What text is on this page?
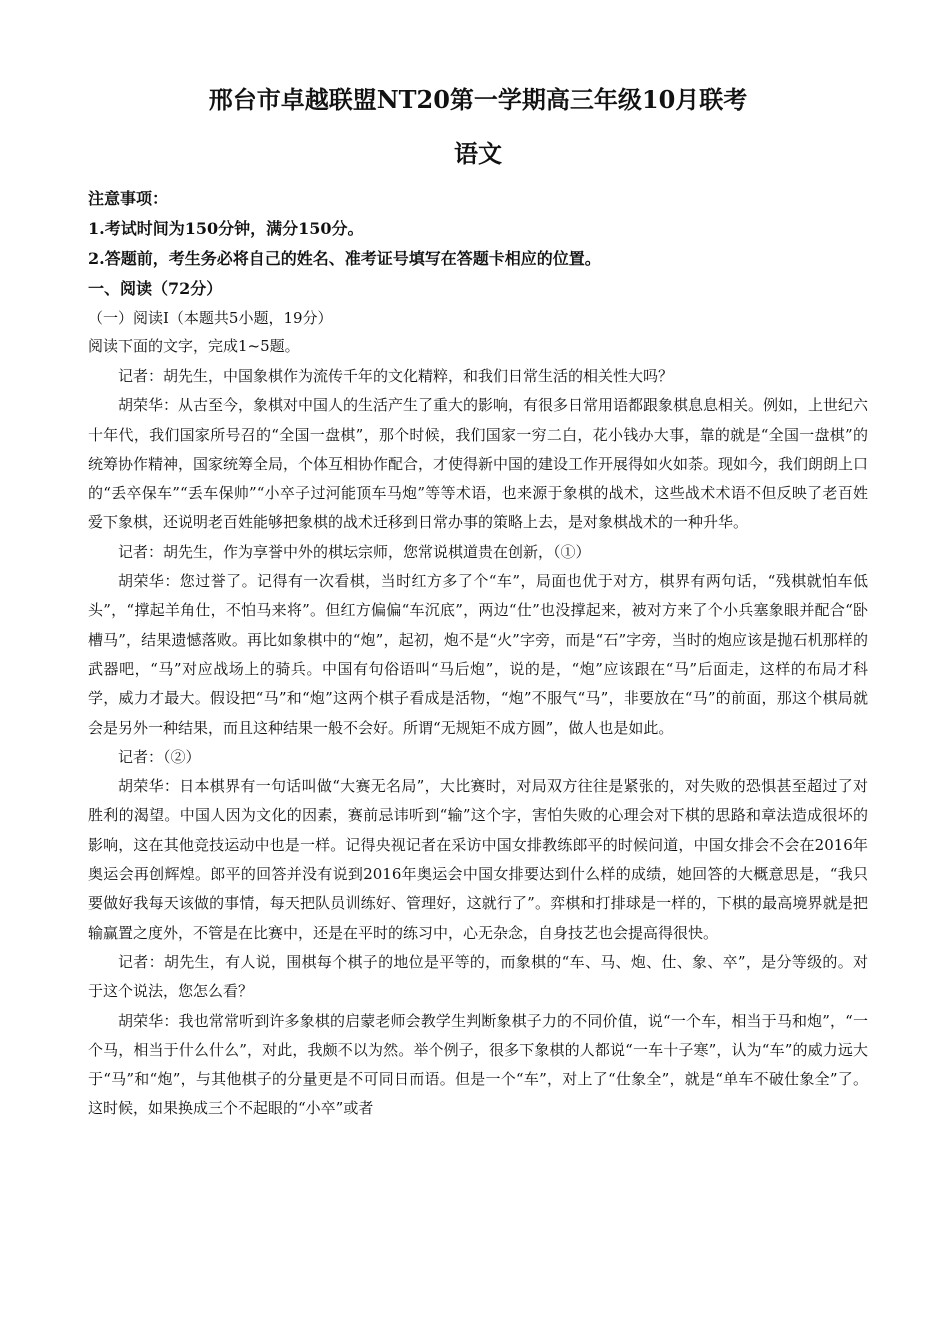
邢台市卓越联盟NT20第一学期高三年级10月联考
语文
注意事项：
1.考试时间为150分钟，满分150分。
2.答题前，考生务必将自己的姓名、准考证号填写在答题卡相应的位置。
一、阅读（72分）
（一）阅读Ⅰ（本题共5小题，19分）
阅读下面的文字，完成1~5题。

记者：胡先生，中国象棋作为流传千年的文化精粹，和我们日常生活的相关性大吗？

胡荣华：从古至今，象棋对中国人的生活产生了重大的影响，有很多日常用语都跟象棋息息相关。例如，上世纪六十年代，我们国家所号召的“全国一盘棋”，那个时候，我们国家一穷二白，花小钱办大事，靠的就是“全国一盘棋”的统筹协作精神，国家统筹全局，个体互相协作配合，才使得新中国的建设工作开展得如火如荼。现如今，我们朗朗上口的“丢卒保车”“丢车保帅”“小卒子过河能顶车马炮”等等术语，也来源于象棋的战术，这些战术术语不但反映了老百姓爱下象棋，还说明老百姓能够把象棋的战术迁移到日常办事的策略上去，是对象棋战术的一种升华。

记者：胡先生，作为享誉中外的棋坛宗师，您常说棋道贵在创新，（①）

胡荣华：您过誉了。记得有一次看棋，当时红方多了个“车”，局面也优于对方，棋界有两句话，“残棋就怕车低头”，“撑起羊角仕，不怕马来将”。但红方偏偏“车沉底”，两边“仕”也没撑起来，被对方来了个小兵塞象眼并配合“卧槽马”，结果遗憾落败。再比如象棋中的“炮”，起初，炮不是“火”字旁，而是“石”字旁，当时的炮应该是抛石机那样的武器吧，“马”对应战场上的骑兵。中国有句俗语叫“马后炮”，说的是，“炮”应该跟在“马”后面走，这样的布局才科学，威力才最大。假设把“马”和“炮”这两个棋子看成是活物，“炮”不服气“马”，非要放在“马”的前面，那这个棋局就会是另外一种结果，而且这种结果一般不会好。所谓“无规矩不成方圆”，做人也是如此。

记者：（②）

胡荣华：日本棋界有一句话叫做“大赛无名局”，大比赛时，对局双方往往是紧张的，对失败的恐惧甚至超过了对胜利的渴望。中国人因为文化的因素，赛前忌讳听到“输”这个字，害怕失败的心理会对下棋的思路和章法造成很坏的影响，这在其他竞技运动中也是一样。记得央视记者在采访中国女排教练郎平的时候问道，中国女排会不会在2016年奥运会再创辉煌。郎平的回答并没有说到2016年奥运会中国女排要达到什么样的成绩，她回答的大概意思是，“我只要做好我每天该做的事情，每天把队员训练好、管理好，这就行了”。弈棋和打排球是一样的，下棋的最高境界就是把输赢置之度外，不管是在比赛中，还是在平时的练习中，心无杂念，自身技艺也会提高得很快。

记者：胡先生，有人说，围棋每个棋子的地位是平等的，而象棋的“车、马、炮、仕、象、卒”，是分等级的。对于这个说法，您怎么看？

胡荣华：我也常常听到许多象棋的启蒙老师会教学生判断象棋子力的不同价值，说“一个车，相当于马和炮”，“一个马，相当于什么什么”，对此，我颇不以为然。举个例子，很多下象棋的人都说“一车十子寒”，认为“车”的威力远大于“马”和“炮”，与其他棋子的分量更是不可同日而语。但是一个“车”，对上了“仕象全”，就是“单车不破仕象全”了。这时候，如果换成三个不起眼的“小卒”或者
